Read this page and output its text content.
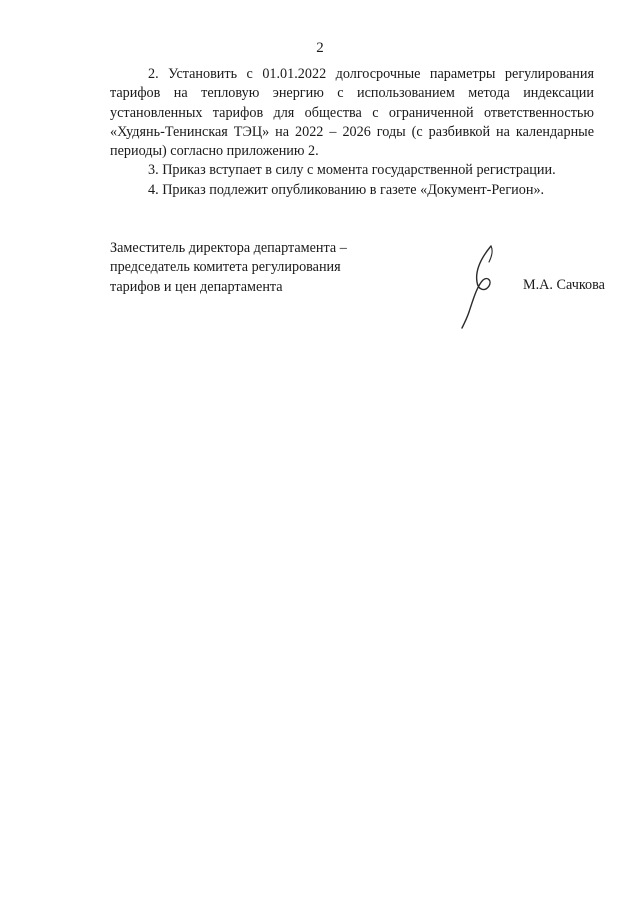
2

2. Установить с 01.01.2022 долгосрочные параметры регулирования тарифов на тепловую энергию с использованием метода индексации установленных тарифов для общества с ограниченной ответственностью «Худянь-Тенинская ТЭЦ» на 2022 – 2026 годы (с разбивкой на календарные периоды) согласно приложению 2.

3. Приказ вступает в силу с момента государственной регистрации.

4. Приказ подлежит опубликованию в газете «Документ-Регион».

Заместитель директора департамента –
председатель комитета регулирования
тарифов и цен департамента	М.А. Сачкова
